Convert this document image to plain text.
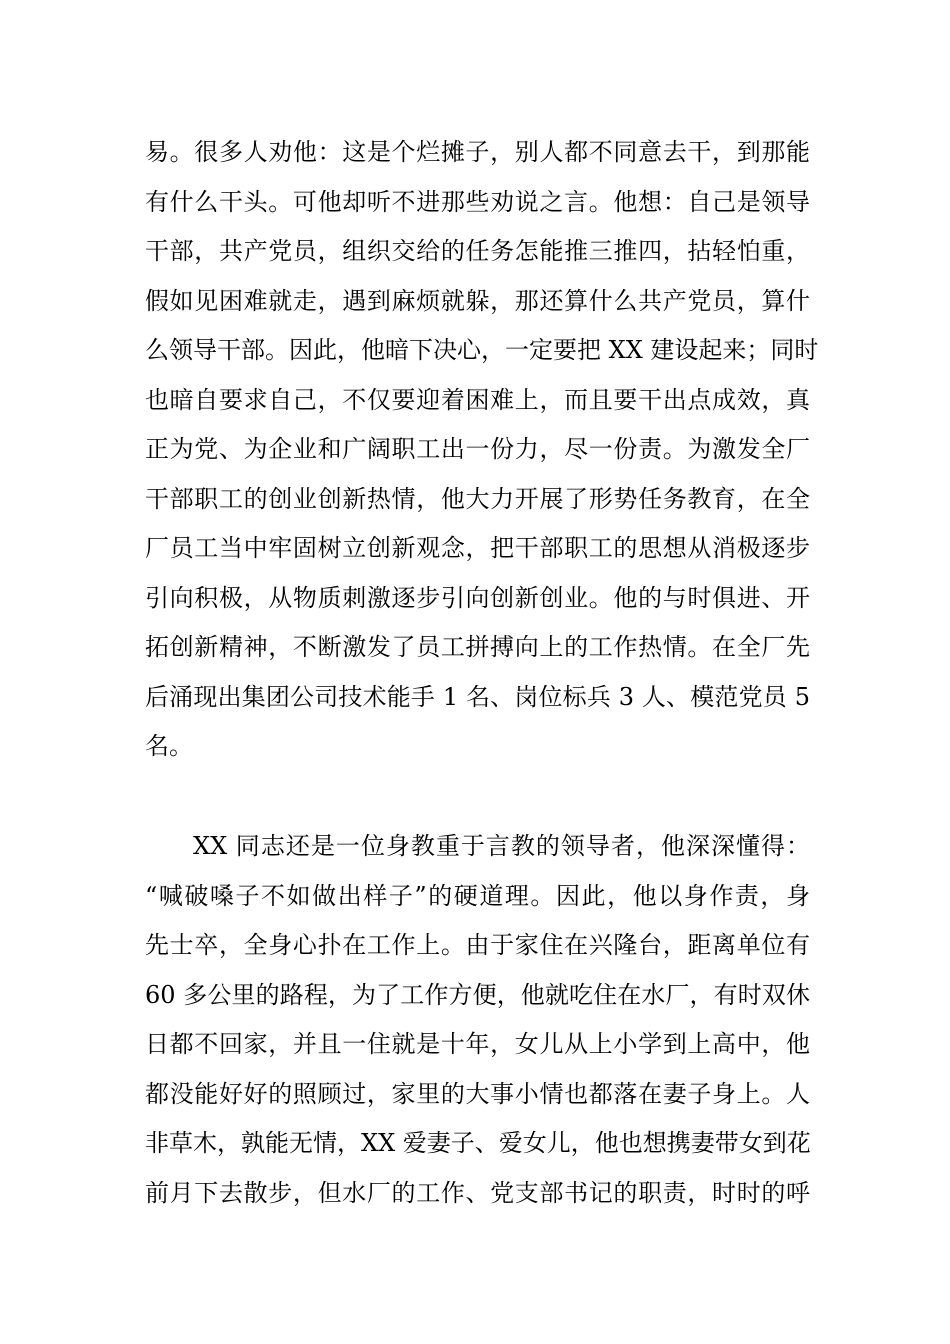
易。很多人劝他：这是个烂摊子，别人都不同意去干，到那能
有什么干头。可他却听不进那些劝说之言。他想：自己是领导
干部，共产党员，组织交给的任务怎能推三推四，拈轻怕重，
假如见困难就走，遇到麻烦就躲，那还算什么共产党员，算什
么领导干部。因此，他暗下决心，一定要把 XX 建设起来；同时
也暗自要求自己，不仅要迎着困难上，而且要干出点成效，真
正为党、为企业和广阔职工出一份力，尽一份责。为激发全厂
干部职工的创业创新热情，他大力开展了形势任务教育，在全
厂员工当中牢固树立创新观念，把干部职工的思想从消极逐步
引向积极，从物质刺激逐步引向创新创业。他的与时俱进、开
拓创新精神，不断激发了员工拼搏向上的工作热情。在全厂先
后涌现出集团公司技术能手 1 名、岗位标兵 3 人、模范党员 5
名。
XX 同志还是一位身教重于言教的领导者，他深深懂得：
“喊破嗓子不如做出样子”的硬道理。因此，他以身作责，身
先士卒，全身心扑在工作上。由于家住在兴隆台，距离单位有
60 多公里的路程，为了工作方便，他就吃住在水厂，有时双休
日都不回家，并且一住就是十年，女儿从上小学到上高中，他
都没能好好的照顾过，家里的大事小情也都落在妻子身上。人
非草木，孰能无情，XX 爱妻子、爱女儿，他也想携妻带女到花
前月下去散步，但水厂的工作、党支部书记的职责，时时的呼
